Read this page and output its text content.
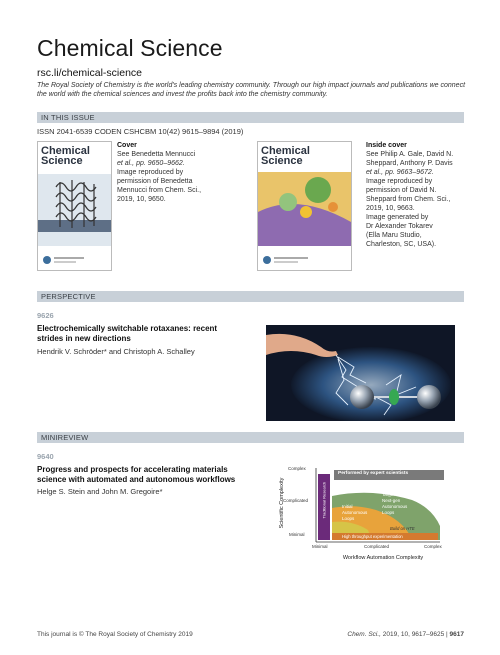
Chemical Science
rsc.li/chemical-science
The Royal Society of Chemistry is the world's leading chemistry community. Through our high impact journals and publications we connect the world with the chemical sciences and invest the profits back into the chemistry community.
IN THIS ISSUE
ISSN 2041-6539 CODEN CSHCBM 10(42) 9615–9894 (2019)
Chemical Science
Cover
See Benedetta Mennucci
et al., pp. 9650–9662.
Image reproduced by
permission of Benedetta
Mennucci from Chem. Sci.,
2019, 10, 9650.
Chemical Science
Inside cover
See Philip A. Gale, David N.
Sheppard, Anthony P. Davis
et al., pp. 9663–9672.
Image reproduced by
permission of David N.
Sheppard from Chem. Sci.,
2019, 10, 9663.
Image generated by
Dr Alexander Tokarev
(Ella Maru Studio,
Charleston, SC, USA).
PERSPECTIVE
9626
Electrochemically switchable rotaxanes: recent
strides in new directions
Hendrik V. Schröder* and Christoph A. Schalley
MINIREVIEW
9640
Progress and prospects for accelerating materials
science with automated and autonomous workflows
Helge S. Stein and John M. Gregoire*	Scientific Complexity
Complex
Complicated
Minimal
Minimal	Complicated	Complex
Workflow Automation Complexity
Performed by expert scientists
Target for
Next-gen
Autonomous
Loops
Initial
Autonomous
Loops
Build on HTE
High throughput experimentation
This journal is © The Royal Society of Chemistry 2019	Chem. Sci., 2019, 10, 9617–9625 | 9617
